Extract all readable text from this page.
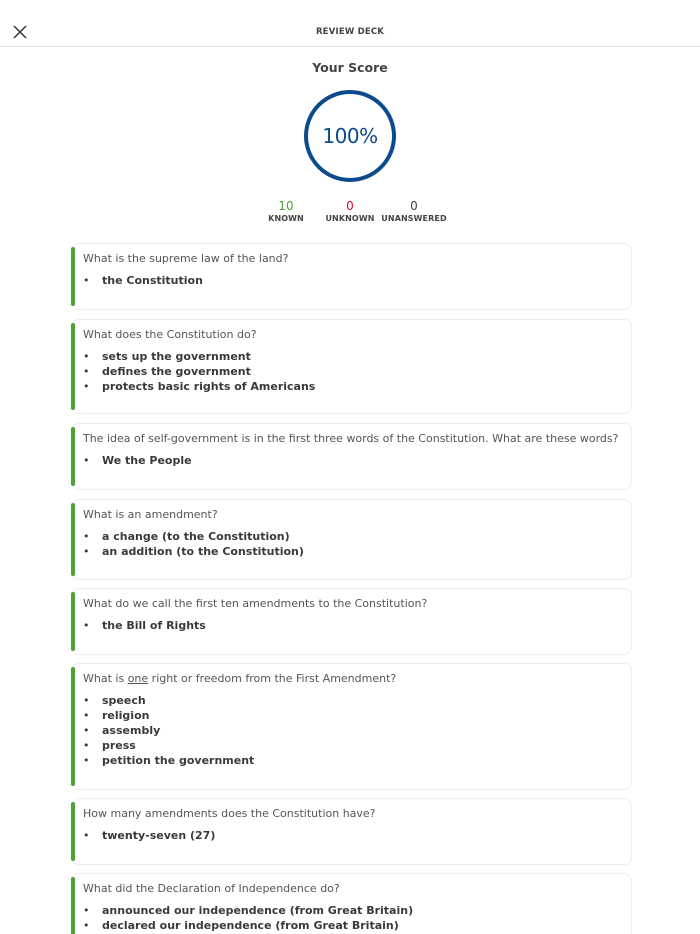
REVIEW DECK
Your Score
100%
10
KNOWN
0
UNKNOWN
0
UNANSWERED
What is the supreme law of the land?
• the Constitution
What does the Constitution do?
• sets up the government
• defines the government
• protects basic rights of Americans
The idea of self-government is in the first three words of the Constitution. What are these words?
• We the People
What is an amendment?
• a change (to the Constitution)
• an addition (to the Constitution)
What do we call the first ten amendments to the Constitution?
• the Bill of Rights
What is one right or freedom from the First Amendment?
• speech
• religion
• assembly
• press
• petition the government
How many amendments does the Constitution have?
• twenty-seven (27)
What did the Declaration of Independence do?
• announced our independence (from Great Britain)
• declared our independence (from Great Britain)
